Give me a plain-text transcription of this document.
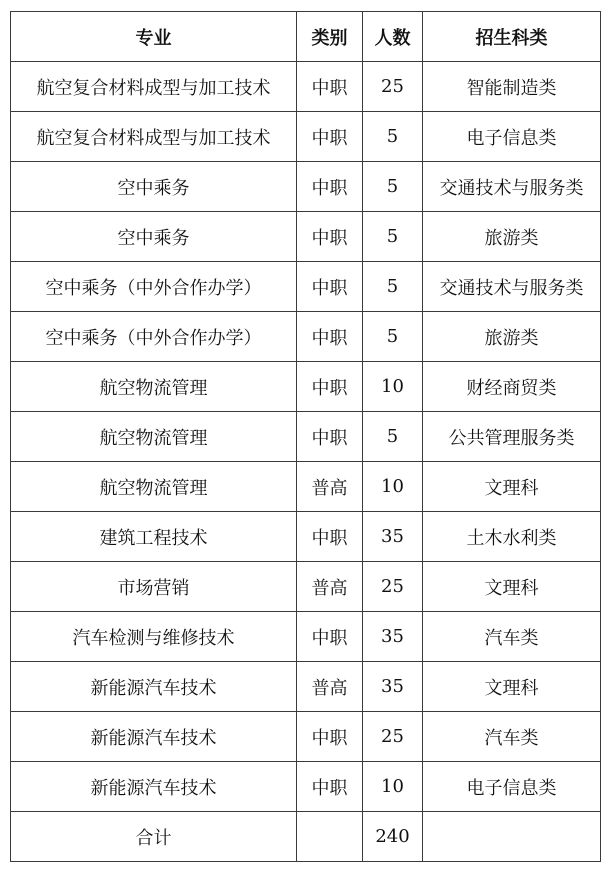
专业	类别	人数	招生科类
航空复合材料成型与加工技术	中职	25	智能制造类
航空复合材料成型与加工技术	中职	5	电子信息类
空中乘务	中职	5	交通技术与服务类
空中乘务	中职	5	旅游类
空中乘务（中外合作办学）	中职	5	交通技术与服务类
空中乘务（中外合作办学）	中职	5	旅游类
航空物流管理	中职	10	财经商贸类
航空物流管理	中职	5	公共管理服务类
航空物流管理	普高	10	文理科
建筑工程技术	中职	35	土木水利类
市场营销	普高	25	文理科
汽车检测与维修技术	中职	35	汽车类
新能源汽车技术	普高	35	文理科
新能源汽车技术	中职	25	汽车类
新能源汽车技术	中职	10	电子信息类
合计		240	
